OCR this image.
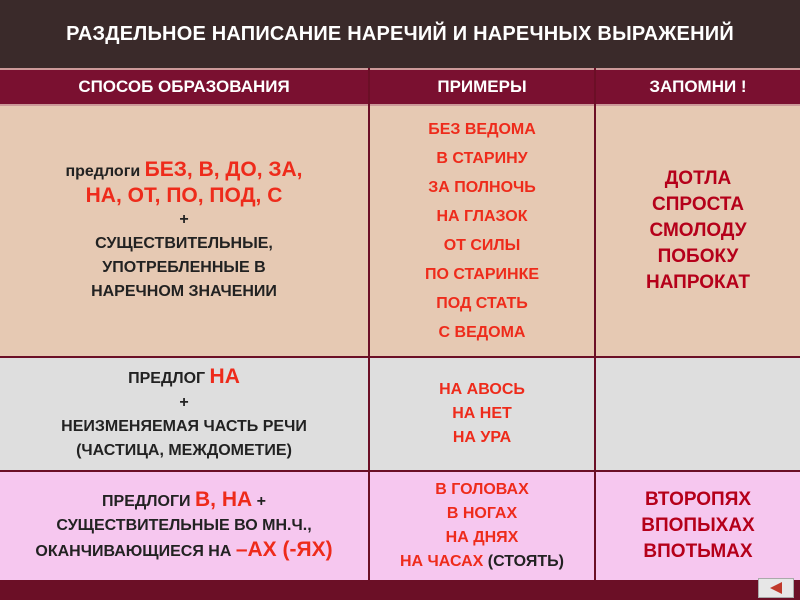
РАЗДЕЛЬНОЕ НАПИСАНИЕ НАРЕЧИЙ И НАРЕЧНЫХ ВЫРАЖЕНИЙ
СПОСОБ ОБРАЗОВАНИЯ	ПРИМЕРЫ	ЗАПОМНИ !
предлоги БЕЗ, В, ДО, ЗА,
НА, ОТ, ПО, ПОД, С
+
СУЩЕСТВИТЕЛЬНЫЕ,
УПОТРЕБЛЕННЫЕ В
НАРЕЧНОМ ЗНАЧЕНИИ
БЕЗ ВЕДОМА
В СТАРИНУ
ЗА ПОЛНОЧЬ
НА ГЛАЗОК
ОТ СИЛЫ
ПО СТАРИНКЕ
ПОД СТАТЬ
С ВЕДОМА
ДОТЛА
СПРОСТА
СМОЛОДУ
ПОБОКУ
НАПРОКАТ
ПРЕДЛОГ НА
+
НЕИЗМЕНЯЕМАЯ ЧАСТЬ РЕЧИ
(ЧАСТИЦА, МЕЖДОМЕТИЕ)
НА АВОСЬ
НА НЕТ
НА УРА
ПРЕДЛОГИ В, НА +
СУЩЕСТВИТЕЛЬНЫЕ ВО МН.Ч.,
ОКАНЧИВАЮЩИЕСЯ НА –АХ (-ЯХ)
В ГОЛОВАХ
В НОГАХ
НА ДНЯХ
НА ЧАСАХ (СТОЯТЬ)
ВТОРОПЯХ
ВПОПЫХАХ
ВПОТЬМАХ
